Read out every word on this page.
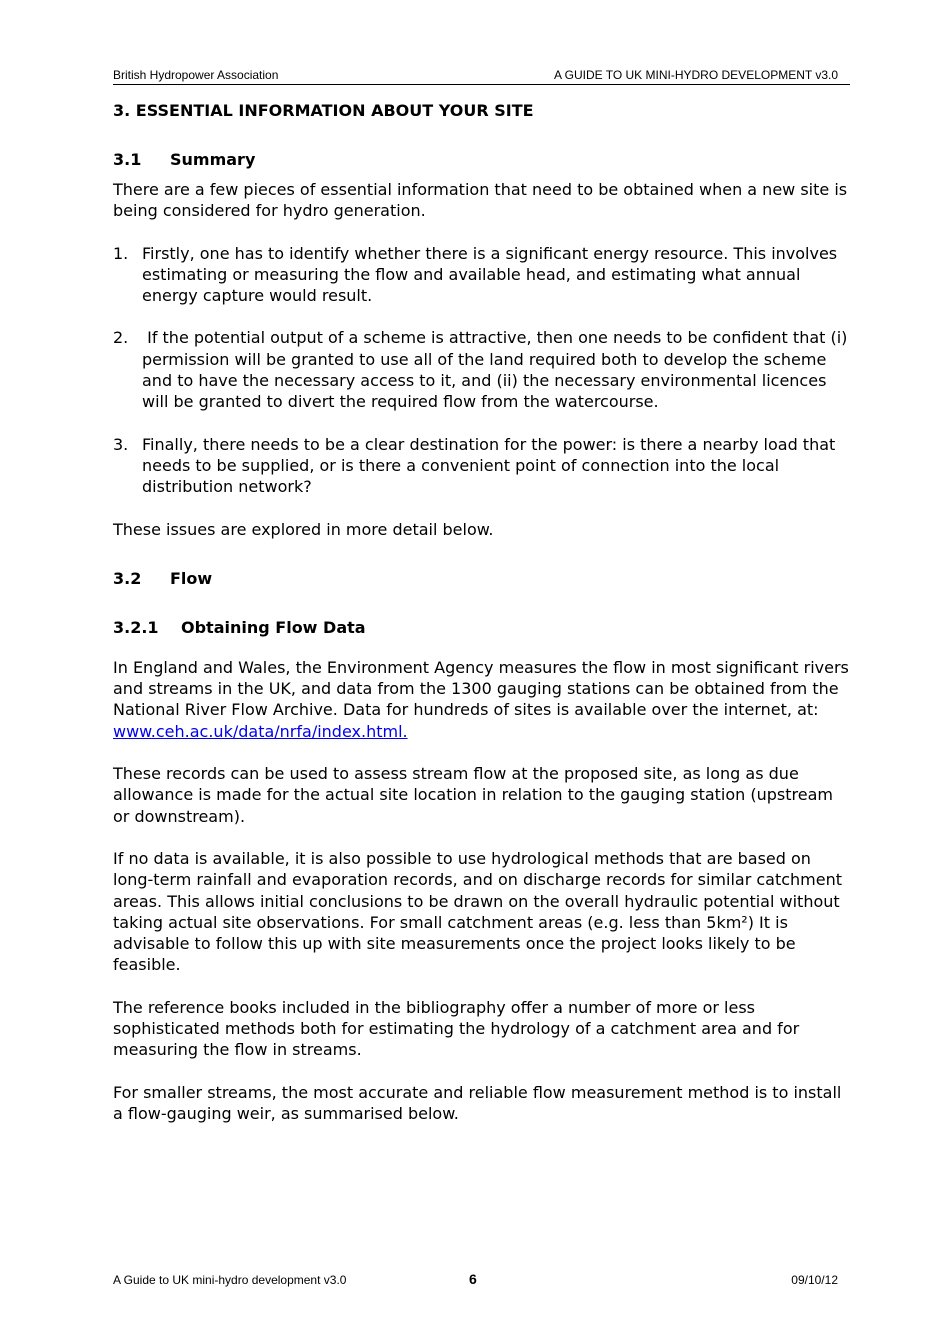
British Hydropower Association	A GUIDE TO UK MINI-HYDRO DEVELOPMENT v3.0
3. ESSENTIAL INFORMATION ABOUT YOUR SITE
3.1 Summary

There are a few pieces of essential information that need to be obtained when a new site is being considered for hydro generation.

1. Firstly, one has to identify whether there is a significant energy resource. This involves estimating or measuring the flow and available head, and estimating what annual energy capture would result.
2. If the potential output of a scheme is attractive, then one needs to be confident that (i) permission will be granted to use all of the land required both to develop the scheme and to have the necessary access to it, and (ii) the necessary environmental licences will be granted to divert the required flow from the watercourse.
3. Finally, there needs to be a clear destination for the power: is there a nearby load that needs to be supplied, or is there a convenient point of connection into the local distribution network?

These issues are explored in more detail below.

3.2 Flow
3.2.1 Obtaining Flow Data

In England and Wales, the Environment Agency measures the flow in most significant rivers and streams in the UK, and data from the 1300 gauging stations can be obtained from the National River Flow Archive. Data for hundreds of sites is available over the internet, at:
www.ceh.ac.uk/data/nrfa/index.html.

These records can be used to assess stream flow at the proposed site, as long as due allowance is made for the actual site location in relation to the gauging station (upstream or downstream).

If no data is available, it is also possible to use hydrological methods that are based on long-term rainfall and evaporation records, and on discharge records for similar catchment areas. This allows initial conclusions to be drawn on the overall hydraulic potential without taking actual site observations. For small catchment areas (e.g. less than 5km²) It is advisable to follow this up with site measurements once the project looks likely to be feasible.

The reference books included in the bibliography offer a number of more or less sophisticated methods both for estimating the hydrology of a catchment area and for measuring the flow in streams.

For smaller streams, the most accurate and reliable flow measurement method is to install a flow-gauging weir, as summarised below.

A Guide to UK mini-hydro development v3.0	6	09/10/12
